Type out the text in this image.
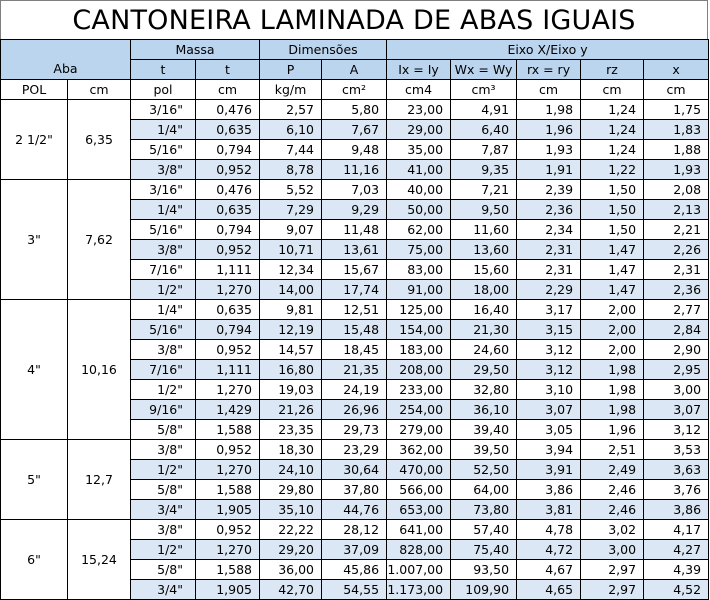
CANTONEIRA LAMINADA DE ABAS IGUAIS
		Massa		Dimensões		Eixo X/Eixo y				
Aba		t	t	P	A	Ix = Iy	Wx = Wy	rx = ry	rz	x
POL	cm	pol	cm	kg/m	cm²	cm4	cm³	cm	cm	cm
2 1/2"	6,35	3/16"	0,476	2,57	5,80	23,00	4,91	1,98	1,24	1,75
		1/4"	0,635	6,10	7,67	29,00	6,40	1,96	1,24	1,83
		5/16"	0,794	7,44	9,48	35,00	7,87	1,93	1,24	1,88
		3/8"	0,952	8,78	11,16	41,00	9,35	1,91	1,22	1,93
3"	7,62	3/16"	0,476	5,52	7,03	40,00	7,21	2,39	1,50	2,08
		1/4"	0,635	7,29	9,29	50,00	9,50	2,36	1,50	2,13
		5/16"	0,794	9,07	11,48	62,00	11,60	2,34	1,50	2,21
		3/8"	0,952	10,71	13,61	75,00	13,60	2,31	1,47	2,26
		7/16"	1,111	12,34	15,67	83,00	15,60	2,31	1,47	2,31
		1/2"	1,270	14,00	17,74	91,00	18,00	2,29	1,47	2,36
4"	10,16	1/4"	0,635	9,81	12,51	125,00	16,40	3,17	2,00	2,77
		5/16"	0,794	12,19	15,48	154,00	21,30	3,15	2,00	2,84
		3/8"	0,952	14,57	18,45	183,00	24,60	3,12	2,00	2,90
		7/16"	1,111	16,80	21,35	208,00	29,50	3,12	1,98	2,95
		1/2"	1,270	19,03	24,19	233,00	32,80	3,10	1,98	3,00
		9/16"	1,429	21,26	26,96	254,00	36,10	3,07	1,98	3,07
		5/8"	1,588	23,35	29,73	279,00	39,40	3,05	1,96	3,12
5"	12,7	3/8"	0,952	18,30	23,29	362,00	39,50	3,94	2,51	3,53
		1/2"	1,270	24,10	30,64	470,00	52,50	3,91	2,49	3,63
		5/8"	1,588	29,80	37,80	566,00	64,00	3,86	2,46	3,76
		3/4"	1,905	35,10	44,76	653,00	73,80	3,81	2,46	3,86
6"	15,24	3/8"	0,952	22,22	28,12	641,00	57,40	4,78	3,02	4,17
		1/2"	1,270	29,20	37,09	828,00	75,40	4,72	3,00	4,27
		5/8"	1,588	36,00	45,86	1.007,00	93,50	4,67	2,97	4,39
		3/4"	1,905	42,70	54,55	1.173,00	109,90	4,65	2,97	4,52
